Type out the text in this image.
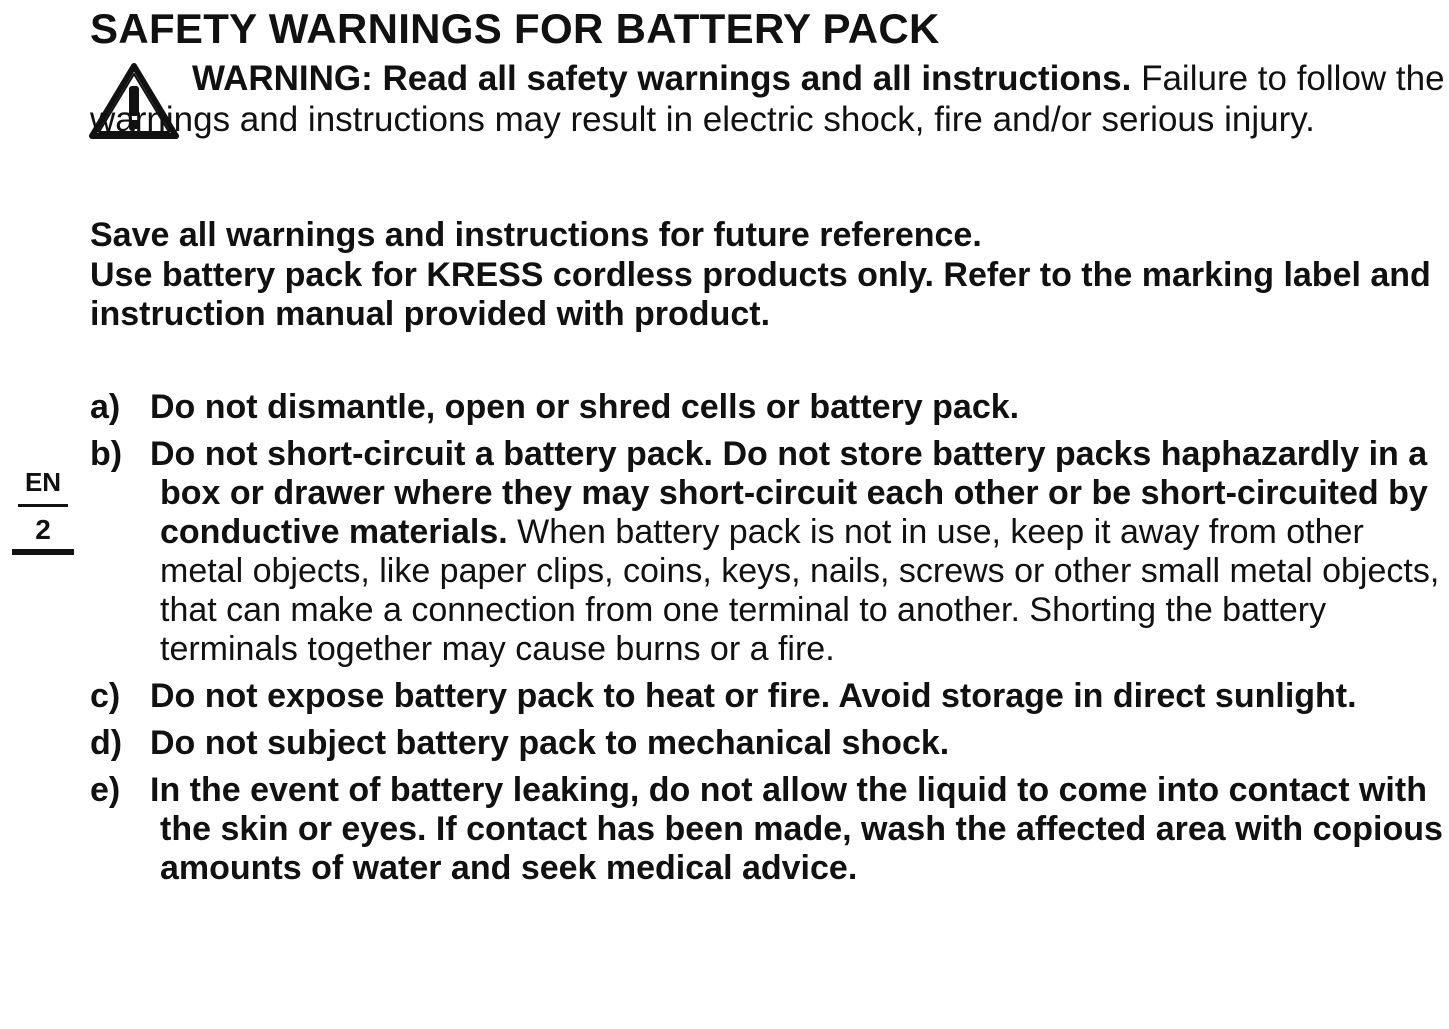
SAFETY WARNINGS FOR BATTERY PACK
WARNING: Read all safety warnings and all instructions. Failure to follow the warnings and instructions may result in electric shock, fire and/or serious injury.
Save all warnings and instructions for future reference.
Use battery pack for KRESS cordless products only. Refer to the marking label and instruction manual provided with product.
a) Do not dismantle, open or shred cells or battery pack.
b) Do not short-circuit a battery pack. Do not store battery packs haphazardly in a box or drawer where they may short-circuit each other or be short-circuited by conductive materials. When battery pack is not in use, keep it away from other metal objects, like paper clips, coins, keys, nails, screws or other small metal objects, that can make a connection from one terminal to another. Shorting the battery terminals together may cause burns or a fire.
c) Do not expose battery pack to heat or fire. Avoid storage in direct sunlight.
d) Do not subject battery pack to mechanical shock.
e) In the event of battery leaking, do not allow the liquid to come into contact with the skin or eyes. If contact has been made, wash the affected area with copious amounts of water and seek medical advice.
EN
2
